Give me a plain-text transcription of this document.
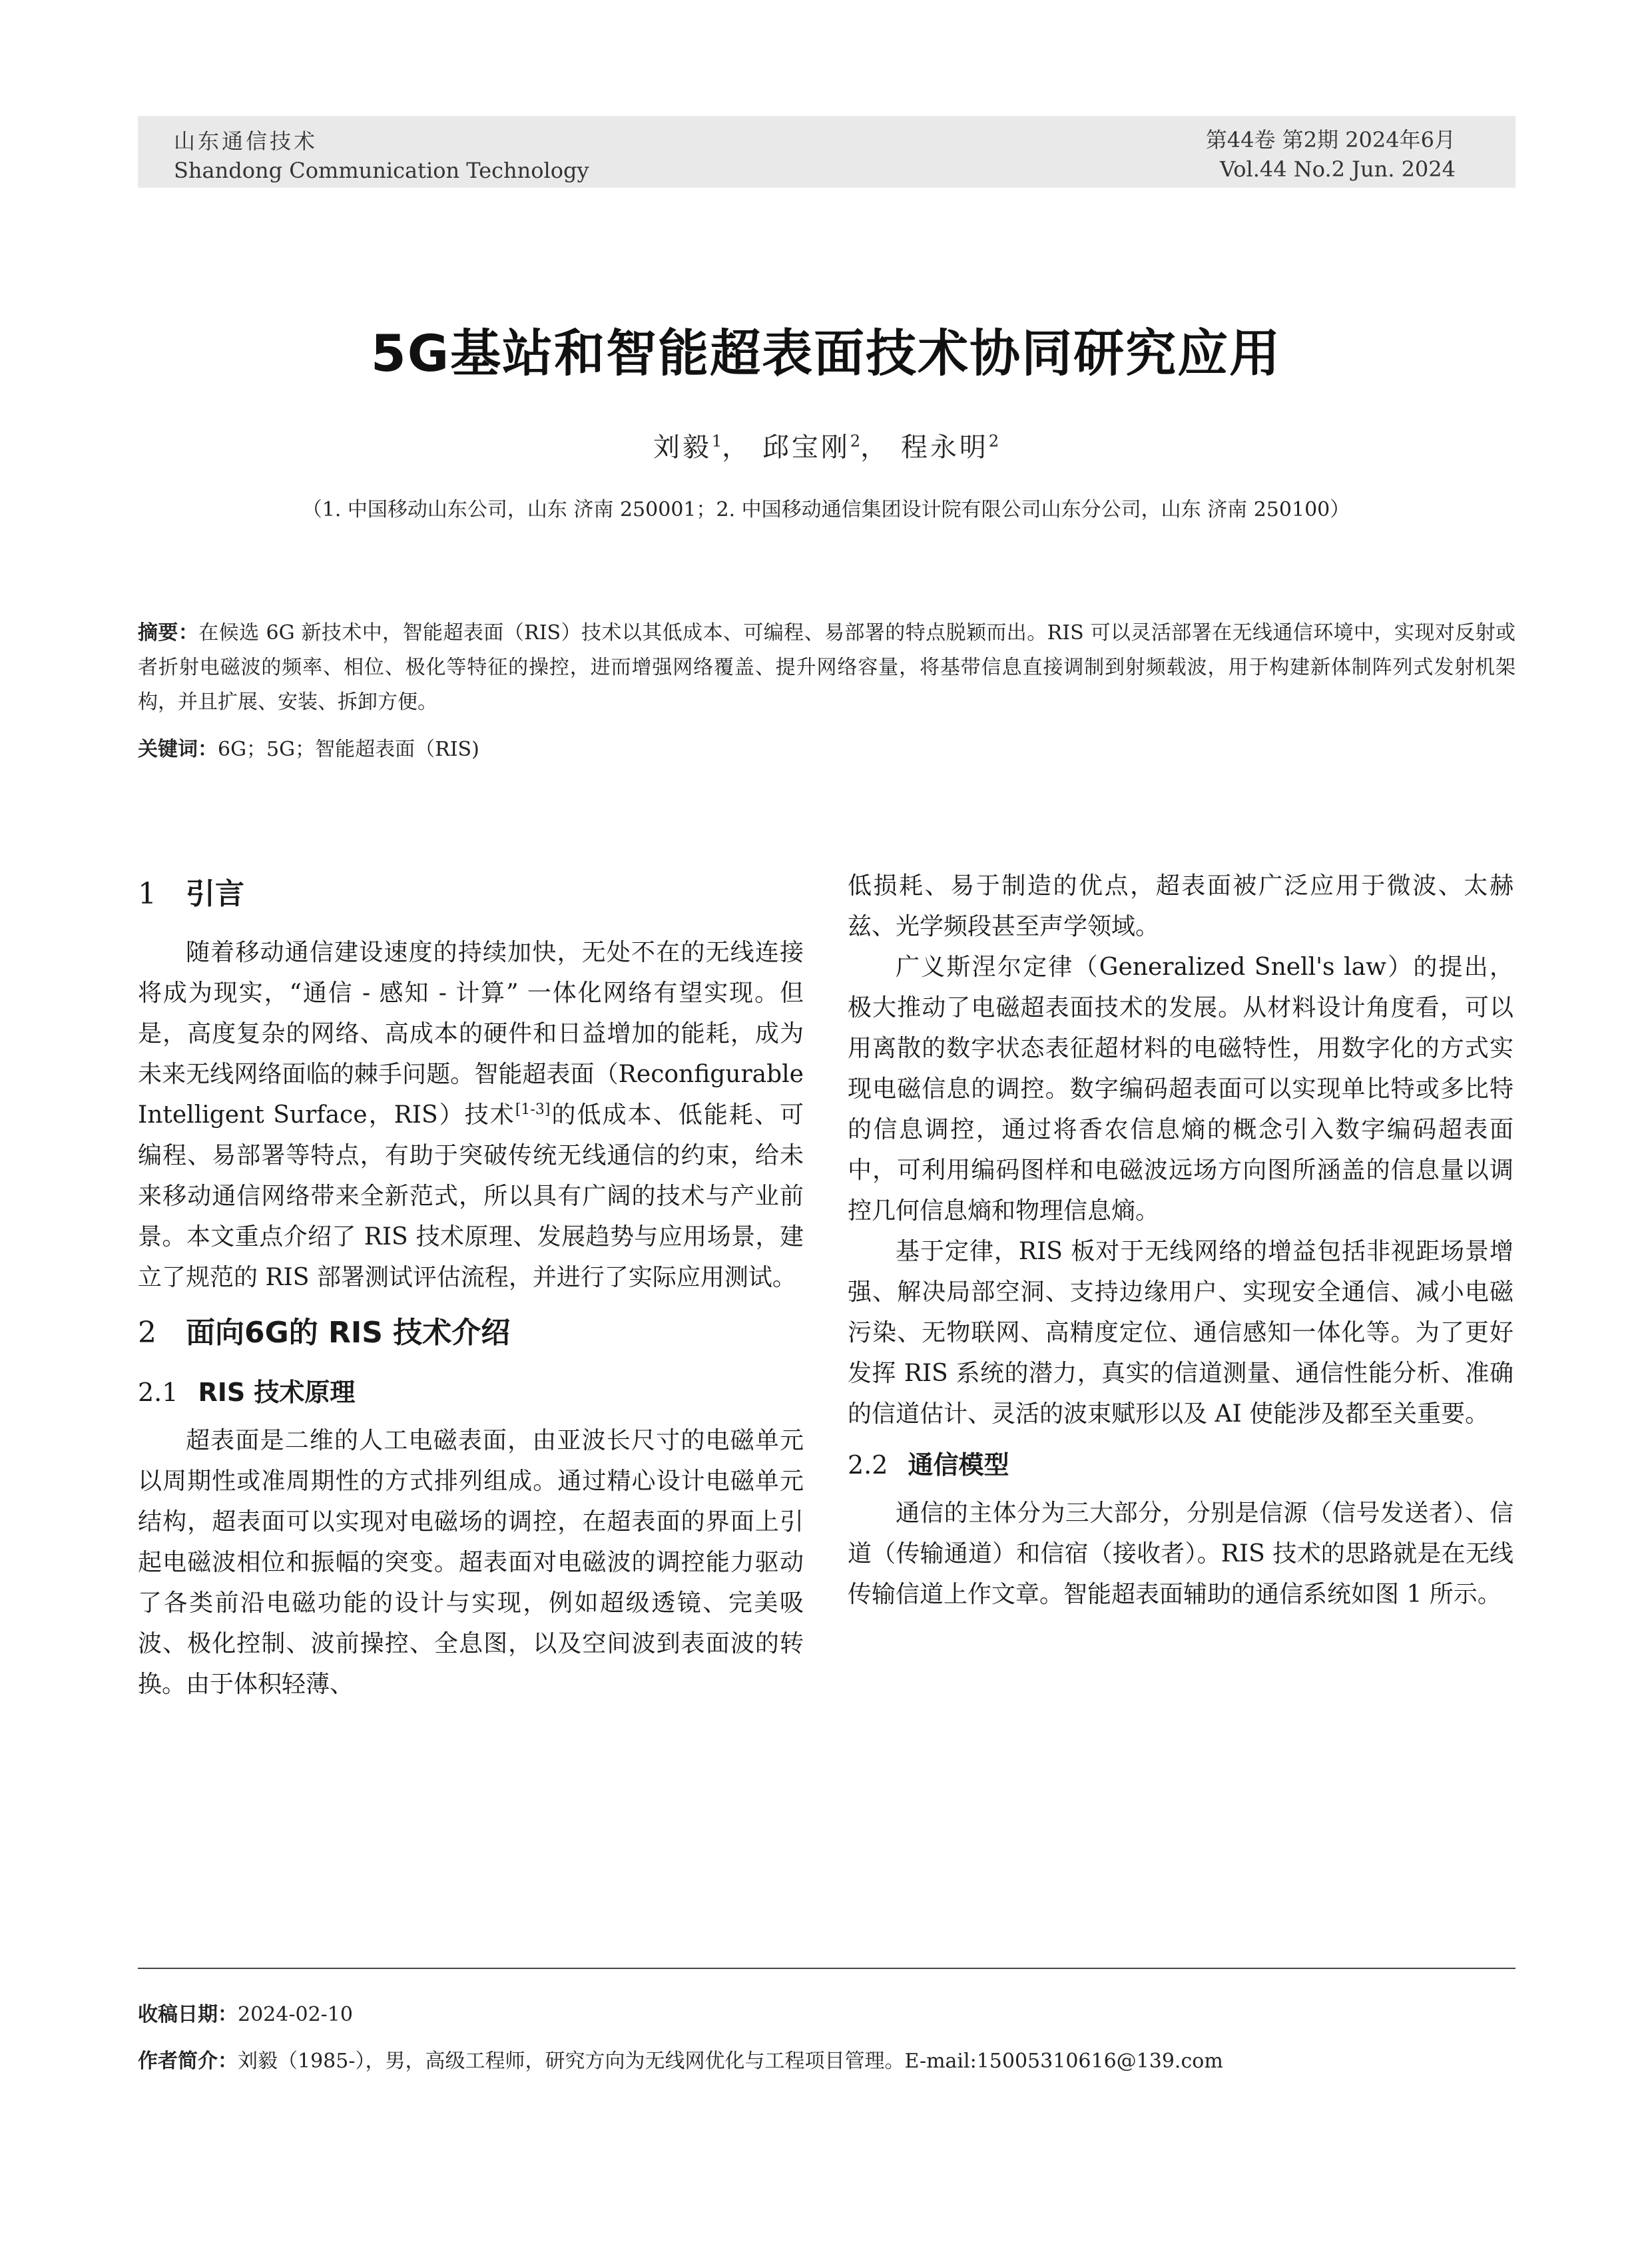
山东通信技术
Shandong Communication Technology
第44卷 第2期 2024年6月
Vol.44 No.2 Jun. 2024
5G基站和智能超表面技术协同研究应用
刘毅$^1$， 邱宝刚$^2$， 程永明$^2$
（1. 中国移动山东公司，山东 济南 250001；2. 中国移动通信集团设计院有限公司山东分公司，山东 济南 250100）
摘要：在候选 6G 新技术中，智能超表面（RIS）技术以其低成本、可编程、易部署的特点脱颖而出。RIS 可以灵活部署在无线通信环境中，实现对反射或者折射电磁波的频率、相位、极化等特征的操控，进而增强网络覆盖、提升网络容量，将基带信息直接调制到射频载波，用于构建新体制阵列式发射机架构，并且扩展、安装、拆卸方便。
关键词：6G；5G；智能超表面（RIS)
1 引言

随着移动通信建设速度的持续加快，无处不在的无线连接将成为现实，“通信 - 感知 - 计算” 一体化网络有望实现。但是，高度复杂的网络、高成本的硬件和日益增加的能耗，成为未来无线网络面临的棘手问题。智能超表面（Reconfigurable Intelligent Surface，RIS）技术[1-3]的低成本、低能耗、可编程、易部署等特点，有助于突破传统无线通信的约束，给未来移动通信网络带来全新范式，所以具有广阔的技术与产业前景。本文重点介绍了 RIS 技术原理、发展趋势与应用场景，建立了规范的 RIS 部署测试评估流程，并进行了实际应用测试。

2 面向6G的 RIS 技术介绍
2.1 RIS 技术原理

超表面是二维的人工电磁表面，由亚波长尺寸的电磁单元以周期性或准周期性的方式排列组成。通过精心设计电磁单元结构，超表面可以实现对电磁场的调控，在超表面的界面上引起电磁波相位和振幅的突变。超表面对电磁波的调控能力驱动了各类前沿电磁功能的设计与实现，例如超级透镜、完美吸波、极化控制、波前操控、全息图，以及空间波到表面波的转换。由于体积轻薄、

低损耗、易于制造的优点，超表面被广泛应用于微波、太赫兹、光学频段甚至声学领域。

广义斯涅尔定律（Generalized Snell's law）的提出，极大推动了电磁超表面技术的发展。从材料设计角度看，可以用离散的数字状态表征超材料的电磁特性，用数字化的方式实现电磁信息的调控。数字编码超表面可以实现单比特或多比特的信息调控，通过将香农信息熵的概念引入数字编码超表面中，可利用编码图样和电磁波远场方向图所涵盖的信息量以调控几何信息熵和物理信息熵。

基于定律，RIS 板对于无线网络的增益包括非视距场景增强、解决局部空洞、支持边缘用户、实现安全通信、减小电磁污染、无物联网、高精度定位、通信感知一体化等。为了更好发挥 RIS 系统的潜力，真实的信道测量、通信性能分析、准确的信道估计、灵活的波束赋形以及 AI 使能涉及都至关重要。

2.2 通信模型

通信的主体分为三大部分，分别是信源（信号发送者）、信道（传输通道）和信宿（接收者）。RIS 技术的思路就是在无线传输信道上作文章。智能超表面辅助的通信系统如图 1 所示。

收稿日期：2024-02-10
作者简介：刘毅（1985-），男，高级工程师，研究方向为无线网优化与工程项目管理。E-mail:15005310616@139.com
